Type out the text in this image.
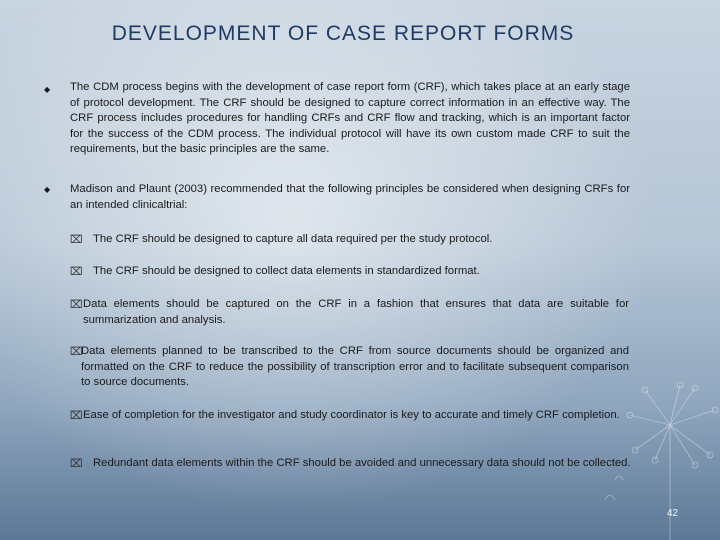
DEVELOPMENT OF CASE REPORT FORMS
◆
The CDM process begins with the development of case report form (CRF), which takes place at an early stage of protocol development. The CRF should be designed to capture correct information in an effective way. The CRF process includes procedures for handling CRFs and CRF flow and tracking, which is an important factor for the success of the CDM process. The individual protocol will have its own custom made CRF to suit the requirements, but the basic principles are the same.
◆
Madison and Plaunt (2003) recommended that the following principles be considered when designing CRFs for an intended clinicaltrial:
⌧ The CRF should be designed to capture all data required per the study protocol.
⌧ The CRF should be designed to collect data elements in standardized format.
⌧ Data elements should be captured on the CRF in a fashion that ensures that data are suitable for summarization and analysis.
⌧
Data elements planned to be transcribed to the CRF from source documents should be organized and formatted on the CRF to reduce the possibility of transcription error and to facilitate subsequent comparison to source documents.
⌧ Ease of completion for the investigator and study coordinator is key to accurate and timely CRF completion.
⌧ Redundant data elements within the CRF should be avoided and unnecessary data should not be collected.
42
